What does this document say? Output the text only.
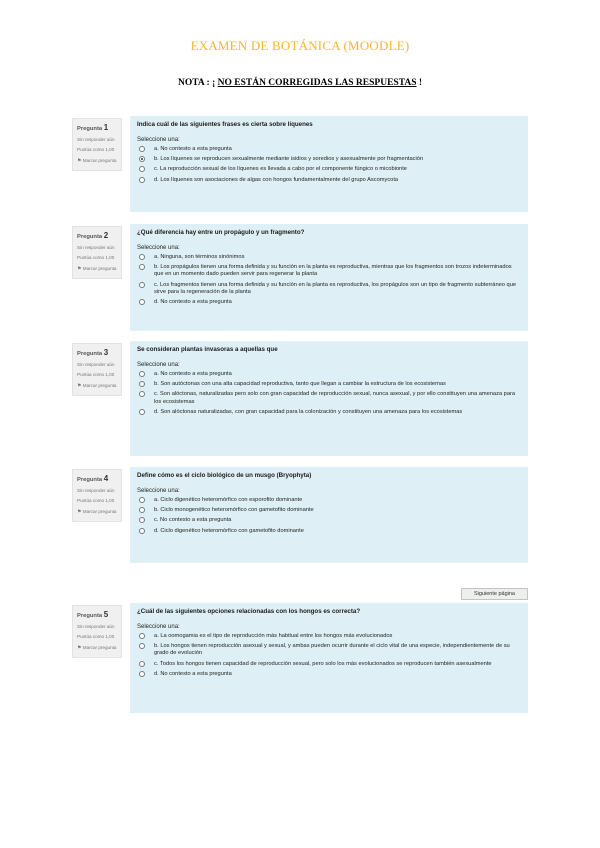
EXAMEN DE BOTÁNICA (MOODLE)
NOTA : ¡ NO ESTÁN CORREGIDAS LAS RESPUESTAS !
Pregunta 1
Sin responder aún
Puntúa como 1,00
⚑ Marcar pregunta
Indica cuál de las siguientes frases es cierta sobre líquenes
Seleccione una:
a. No contesto a esta pregunta
b. Los líquenes se reproducen sexualmente mediante isidios y soredios y asexualmente por fragmentación
c. La reproducción sexual de los líquenes es llevada a cabo por el componente fúngico o micobionte
d. Los líquenes son asociaciones de algas con hongos fundamentalmente del grupo Ascomycota
Pregunta 2
Sin responder aún
Puntúa como 1,00
⚑ Marcar pregunta
¿Qué diferencia hay entre un propágulo y un fragmento?
Seleccione una:
a. Ninguna, son términos sinónimos
b. Los propágulos tienen una forma definida y su función en la planta es reproductiva, mientras que los fragmentos son trozos indeterminados que en un momento dado pueden servir para regenerar la planta
c. Los fragmentos tienen una forma definida y su función en la planta es reproductiva, los propágulos son un tipo de fragmento subterráneo que sirve para la regeneración de la planta
d. No contesto a esta pregunta
Pregunta 3
Sin responder aún
Puntúa como 1,00
⚑ Marcar pregunta
Se consideran plantas invasoras a aquellas que
Seleccione una:
a. No contesto a esta pregunta
b. Son autóctonas con una alta capacidad reproductiva, tanto que llegan a cambiar la estructura de los ecosistemas
c. Son alóctonas, naturalizadas pero solo con gran capacidad de reproducción sexual, nunca asexual, y por ello constituyen una amenaza para los ecosistemas
d. Son alóctonas naturalizadas, con gran capacidad para la colonización y constituyen una amenaza para los ecosistemas
Pregunta 4
Sin responder aún
Puntúa como 1,00
⚑ Marcar pregunta
Define cómo es el ciclo biológico de un musgo (Bryophyta)
Seleccione una:
a. Ciclo digenético heteromórfico con esporofito dominante
b. Ciclo monogenético heteromórfico con gametofito dominante
c. No contesto a esta pregunta
d. Ciclo digenético heteromórfico con gametofito dominante
Siguiente página
Pregunta 5
Sin responder aún
Puntúa como 1,00
⚑ Marcar pregunta
¿Cuál de las siguientes opciones relacionadas con los hongos es correcta?
Seleccione una:
a. La oomogamia es el tipo de reproducción más habitual entre los hongos más evolucionados
b. Los hongos tienen reproducción asexual y sexual, y ambas pueden ocurrir durante el ciclo vital de una especie, independientemente de su grado de evolución
c. Todos los hongos tienen capacidad de reproducción sexual, pero solo los más evolucionados se reproducen también asexualmente
d. No contesto a esta pregunta
